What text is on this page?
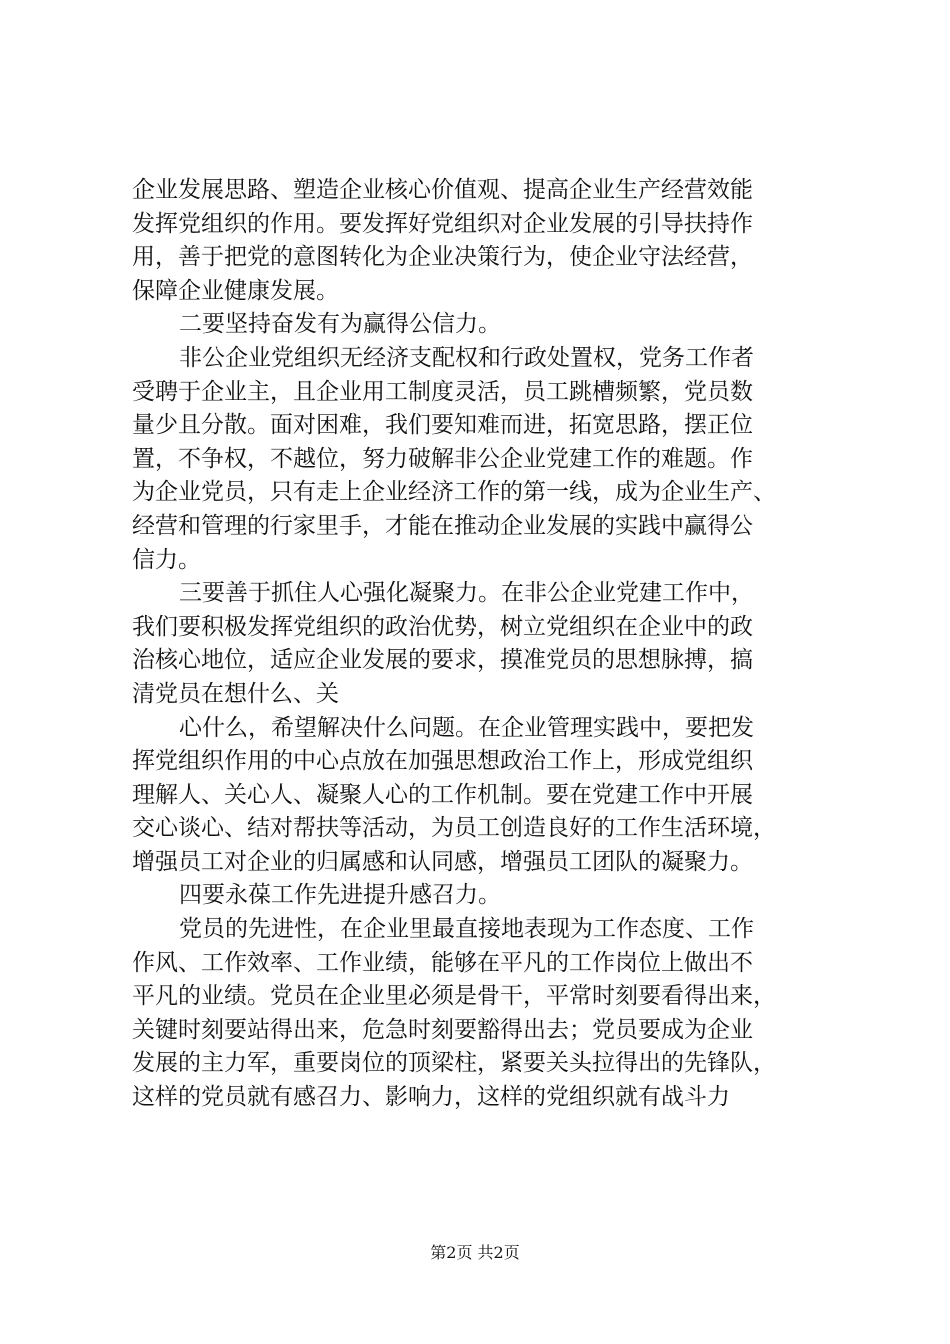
企业发展思路、塑造企业核心价值观、提高企业生产经营效能
发挥党组织的作用。要发挥好党组织对企业发展的引导扶持作
用，善于把党的意图转化为企业决策行为，使企业守法经营，
保障企业健康发展。
二要坚持奋发有为赢得公信力。
非公企业党组织无经济支配权和行政处置权，党务工作者
受聘于企业主，且企业用工制度灵活，员工跳槽频繁，党员数
量少且分散。面对困难，我们要知难而进，拓宽思路，摆正位
置，不争权，不越位，努力破解非公企业党建工作的难题。作
为企业党员，只有走上企业经济工作的第一线，成为企业生产、
经营和管理的行家里手，才能在推动企业发展的实践中赢得公
信力。
三要善于抓住人心强化凝聚力。在非公企业党建工作中，
我们要积极发挥党组织的政治优势，树立党组织在企业中的政
治核心地位，适应企业发展的要求，摸准党员的思想脉搏，搞
清党员在想什么、关
心什么，希望解决什么问题。在企业管理实践中，要把发
挥党组织作用的中心点放在加强思想政治工作上，形成党组织
理解人、关心人、凝聚人心的工作机制。要在党建工作中开展
交心谈心、结对帮扶等活动，为员工创造良好的工作生活环境，
增强员工对企业的归属感和认同感，增强员工团队的凝聚力。
四要永葆工作先进提升感召力。
党员的先进性，在企业里最直接地表现为工作态度、工作
作风、工作效率、工作业绩，能够在平凡的工作岗位上做出不
平凡的业绩。党员在企业里必须是骨干，平常时刻要看得出来，
关键时刻要站得出来，危急时刻要豁得出去；党员要成为企业
发展的主力军，重要岗位的顶梁柱，紧要关头拉得出的先锋队，
这样的党员就有感召力、影响力，这样的党组织就有战斗力
第2页 共2页
